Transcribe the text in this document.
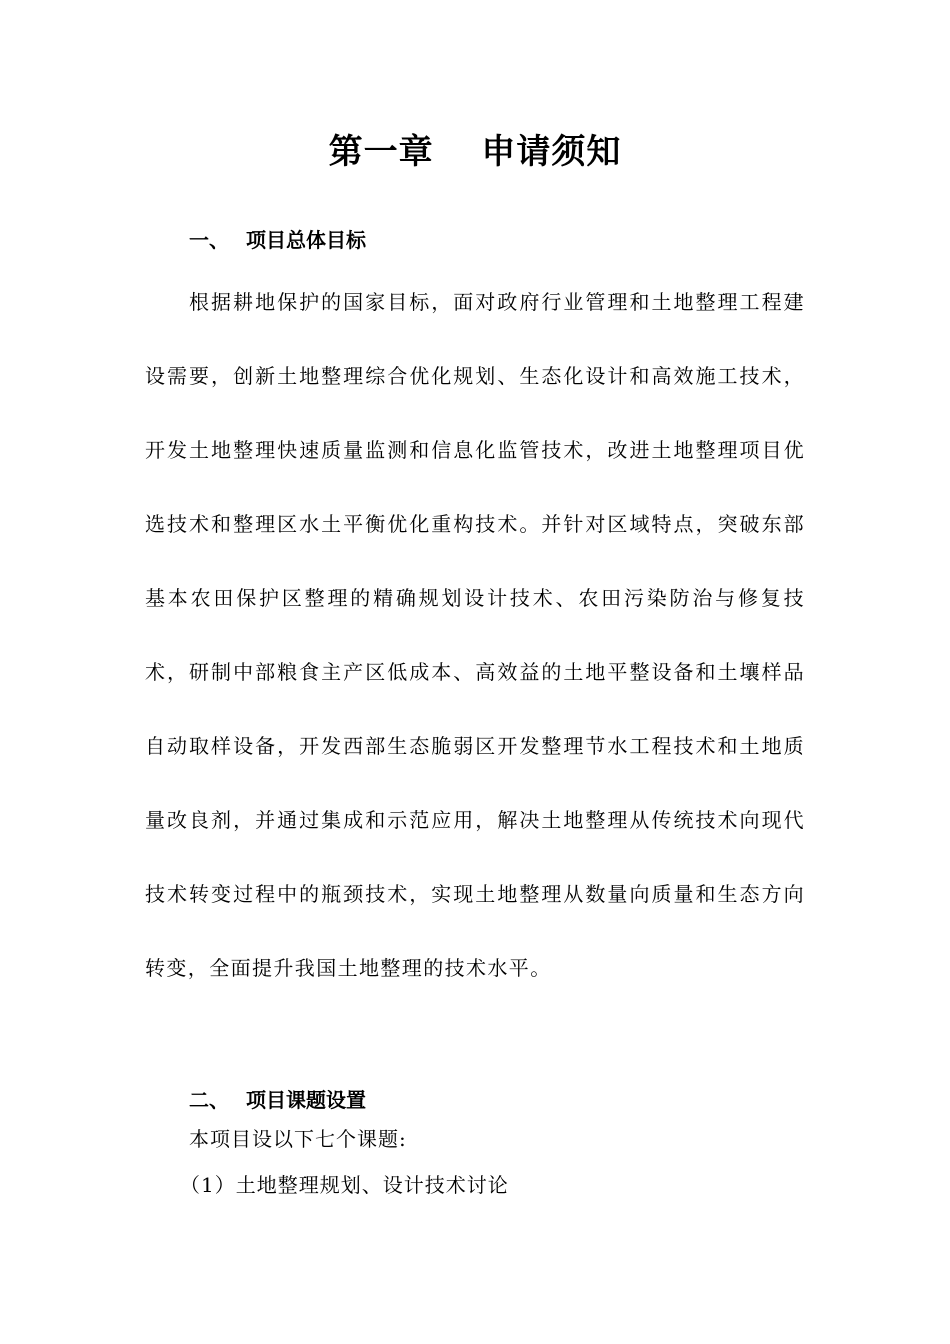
第一章　 申请须知
一、 项目总体目标
根据耕地保护的国家目标，面对政府行业管理和土地整理工程建设需要，创新土地整理综合优化规划、生态化设计和高效施工技术，开发土地整理快速质量监测和信息化监管技术，改进土地整理项目优选技术和整理区水土平衡优化重构技术。并针对区域特点，突破东部基本农田保护区整理的精确规划设计技术、农田污染防治与修复技术，研制中部粮食主产区低成本、高效益的土地平整设备和土壤样品自动取样设备，开发西部生态脆弱区开发整理节水工程技术和土地质量改良剂，并通过集成和示范应用，解决土地整理从传统技术向现代技术转变过程中的瓶颈技术，实现土地整理从数量向质量和生态方向转变，全面提升我国土地整理的技术水平。
二、 项目课题设置
本项目设以下七个课题:
（1）土地整理规划、设计技术讨论
